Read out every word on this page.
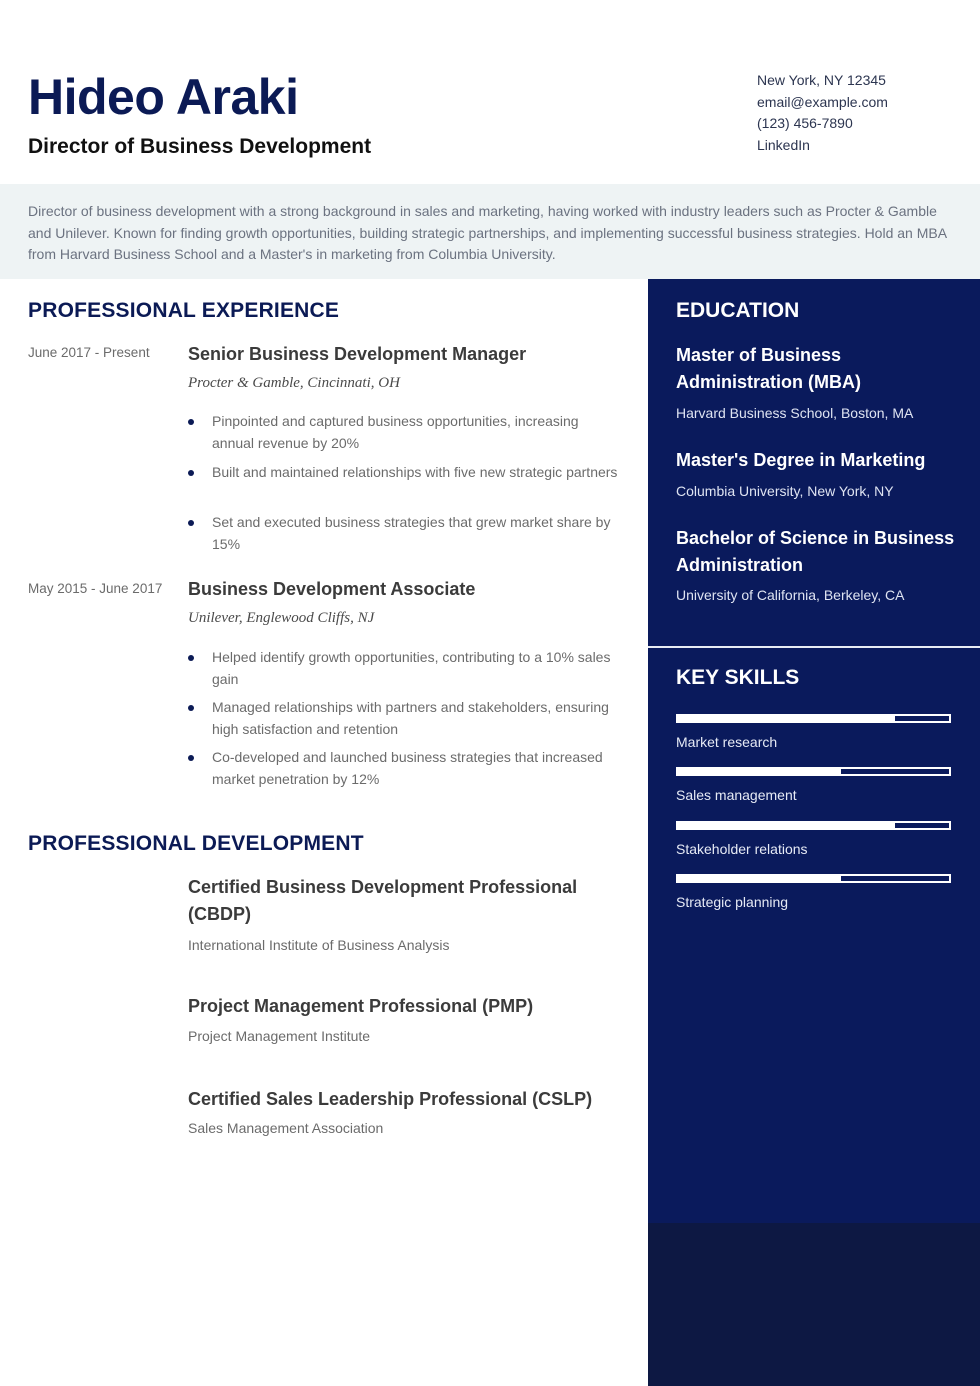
Hideo Araki
Director of Business Development
New York, NY 12345
email@example.com
(123) 456-7890
LinkedIn
Director of business development with a strong background in sales and marketing, having worked with industry leaders such as Procter & Gamble and Unilever. Known for finding growth opportunities, building strategic partnerships, and implementing successful business strategies. Hold an MBA from Harvard Business School and a Master's in marketing from Columbia University.
PROFESSIONAL EXPERIENCE
June 2017 - Present Senior Business Development Manager
Procter & Gamble, Cincinnati, OH
Pinpointed and captured business opportunities, increasing annual revenue by 20%
Built and maintained relationships with five new strategic partners
Set and executed business strategies that grew market share by 15%
May 2015 - June 2017 Business Development Associate
Unilever, Englewood Cliffs, NJ
Helped identify growth opportunities, contributing to a 10% sales gain
Managed relationships with partners and stakeholders, ensuring high satisfaction and retention
Co-developed and launched business strategies that increased market penetration by 12%
PROFESSIONAL DEVELOPMENT
Certified Business Development Professional (CBDP)
International Institute of Business Analysis
Project Management Professional (PMP)
Project Management Institute
Certified Sales Leadership Professional (CSLP)
Sales Management Association
EDUCATION
Master of Business Administration (MBA)
Harvard Business School, Boston, MA
Master's Degree in Marketing
Columbia University, New York, NY
Bachelor of Science in Business Administration
University of California, Berkeley, CA
KEY SKILLS
Market research
Sales management
Stakeholder relations
Strategic planning
